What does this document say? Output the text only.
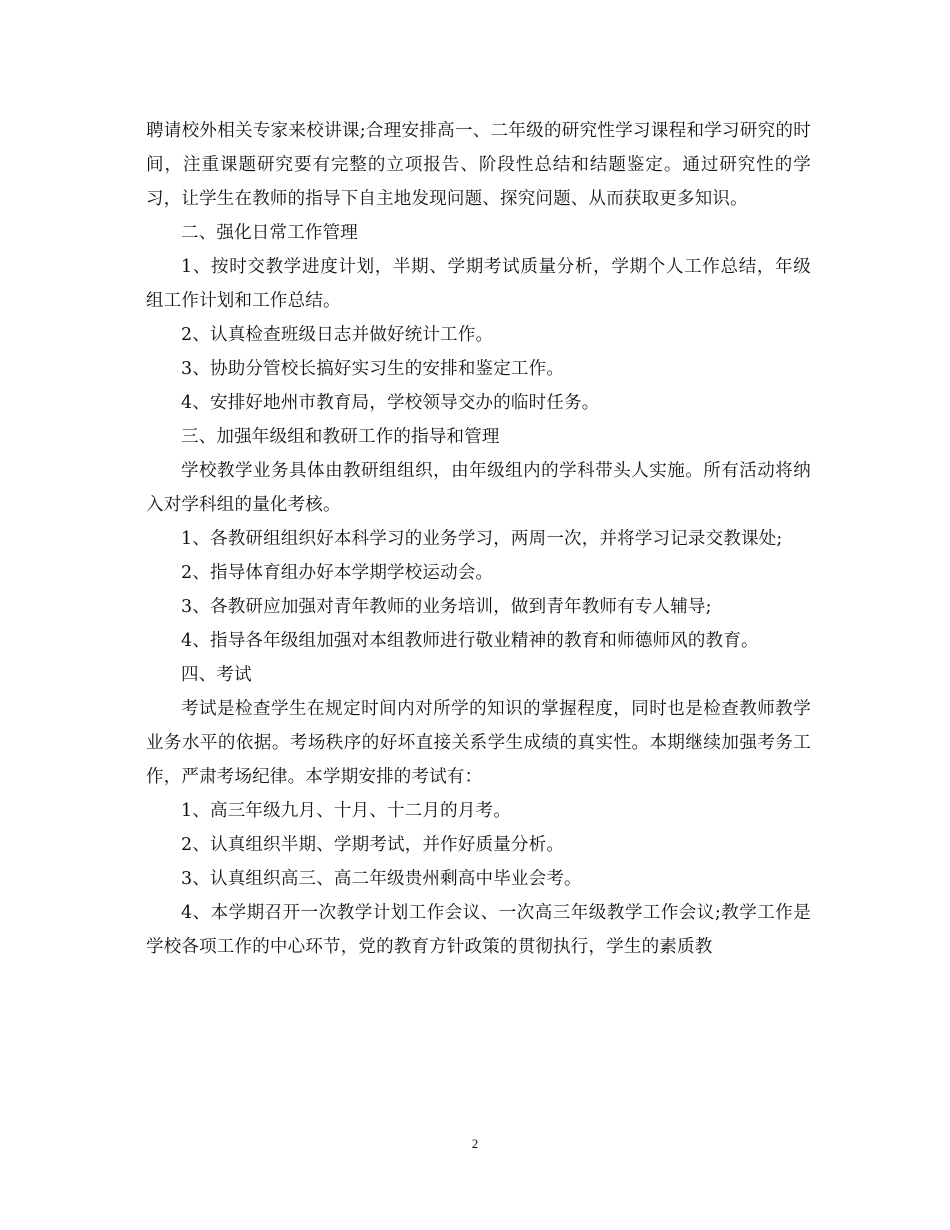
聘请校外相关专家来校讲课;合理安排高一、二年级的研究性学习课程和学习研究的时间，注重课题研究要有完整的立项报告、阶段性总结和结题鉴定。通过研究性的学习，让学生在教师的指导下自主地发现问题、探究问题、从而获取更多知识。

二、强化日常工作管理

1、按时交教学进度计划，半期、学期考试质量分析，学期个人工作总结，年级组工作计划和工作总结。

2、认真检查班级日志并做好统计工作。

3、协助分管校长搞好实习生的安排和鉴定工作。

4、安排好地州市教育局，学校领导交办的临时任务。

三、加强年级组和教研工作的指导和管理

学校教学业务具体由教研组组织，由年级组内的学科带头人实施。所有活动将纳入对学科组的量化考核。

1、各教研组组织好本科学习的业务学习，两周一次，并将学习记录交教课处;

2、指导体育组办好本学期学校运动会。

3、各教研应加强对青年教师的业务培训，做到青年教师有专人辅导;

4、指导各年级组加强对本组教师进行敬业精神的教育和师德师风的教育。

四、考试

考试是检查学生在规定时间内对所学的知识的掌握程度，同时也是检查教师教学业务水平的依据。考场秩序的好坏直接关系学生成绩的真实性。本期继续加强考务工作，严肃考场纪律。本学期安排的考试有：

1、高三年级九月、十月、十二月的月考。

2、认真组织半期、学期考试，并作好质量分析。

3、认真组织高三、高二年级贵州剩高中毕业会考。

4、本学期召开一次教学计划工作会议、一次高三年级教学工作会议;教学工作是学校各项工作的中心环节，党的教育方针政策的贯彻执行，学生的素质教

2
